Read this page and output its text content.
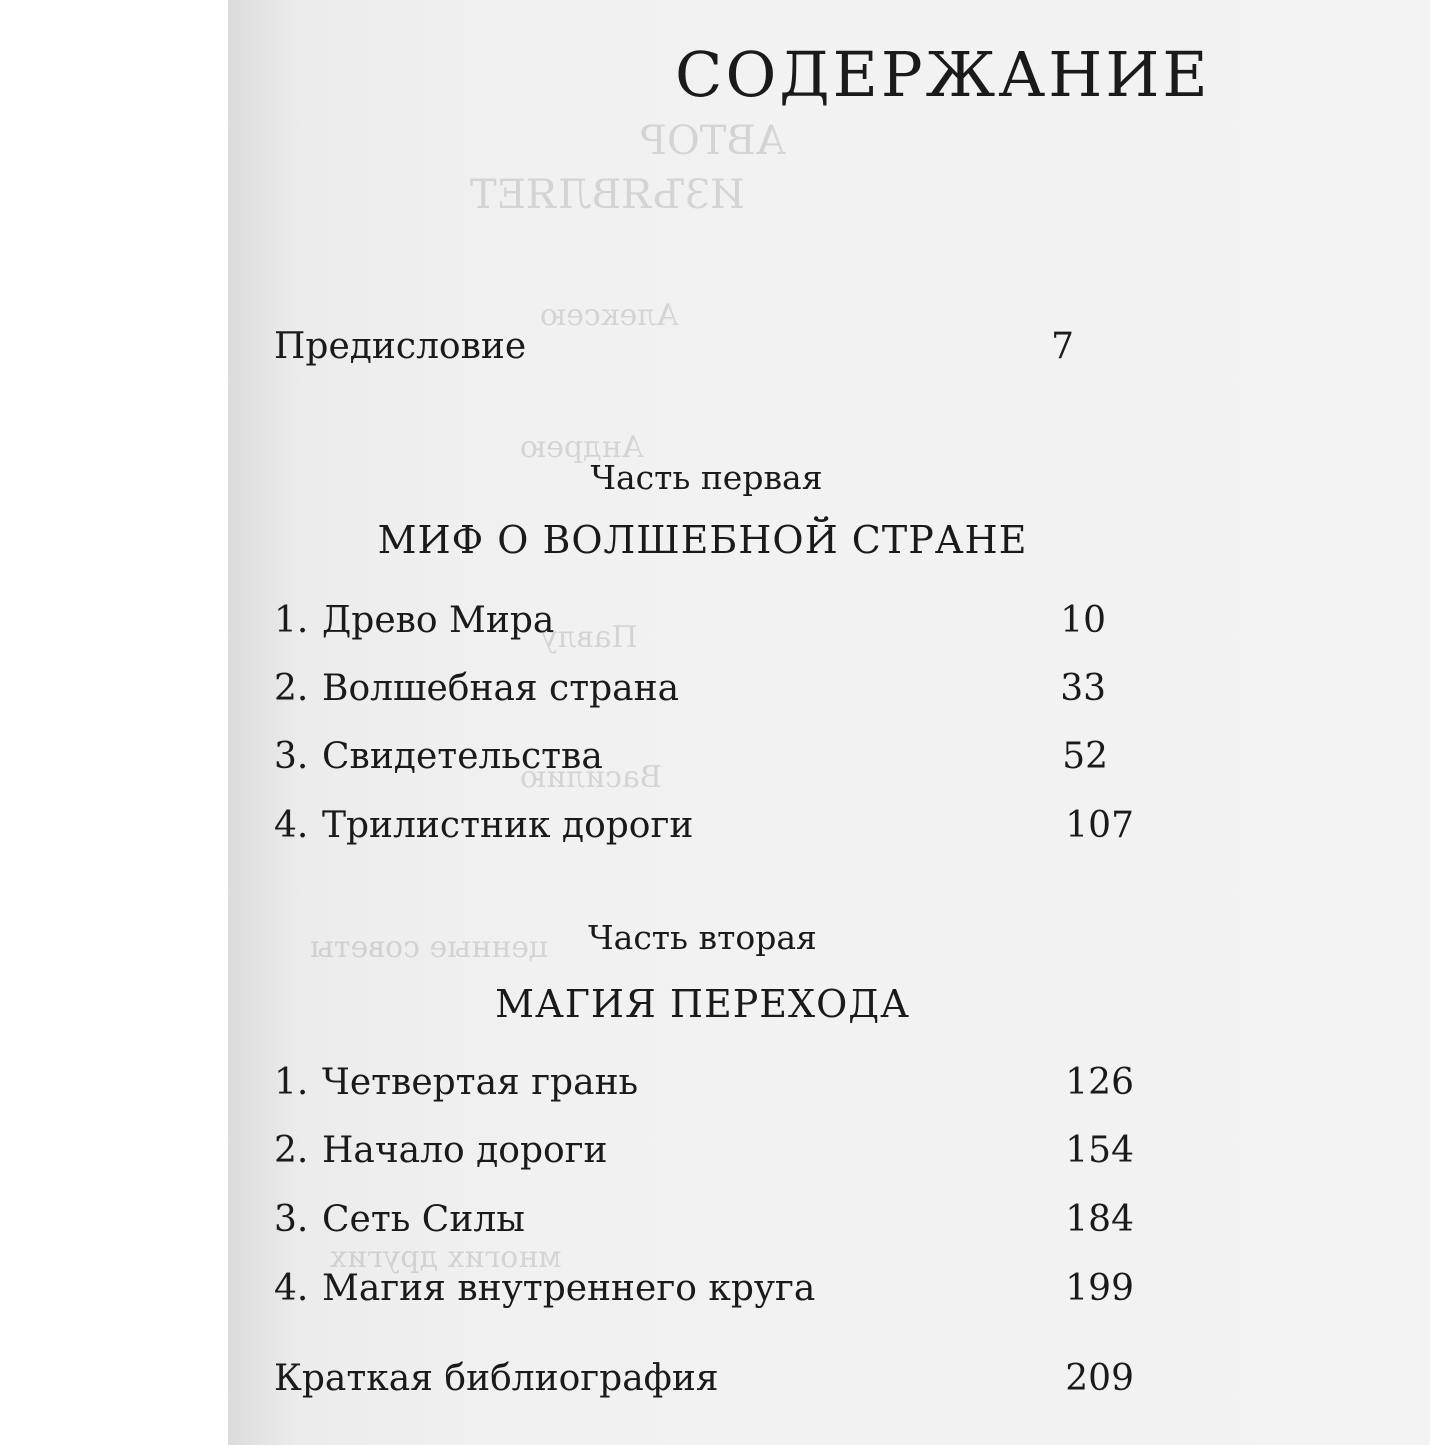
СОДЕРЖАНИЕ
Предисловие	7
Часть первая
МИФ О ВОЛШЕБНОЙ СТРАНЕ
1. Древо Мира	10
2. Волшебная страна	33
3. Свидетельства	52
4. Трилистник дороги	107
Часть вторая
МАГИЯ ПЕРЕХОДА
1. Четвертая грань	126
2. Начало дороги	154
3. Сеть Силы	184
4. Магия внутреннего круга	199
Краткая библиография	209
